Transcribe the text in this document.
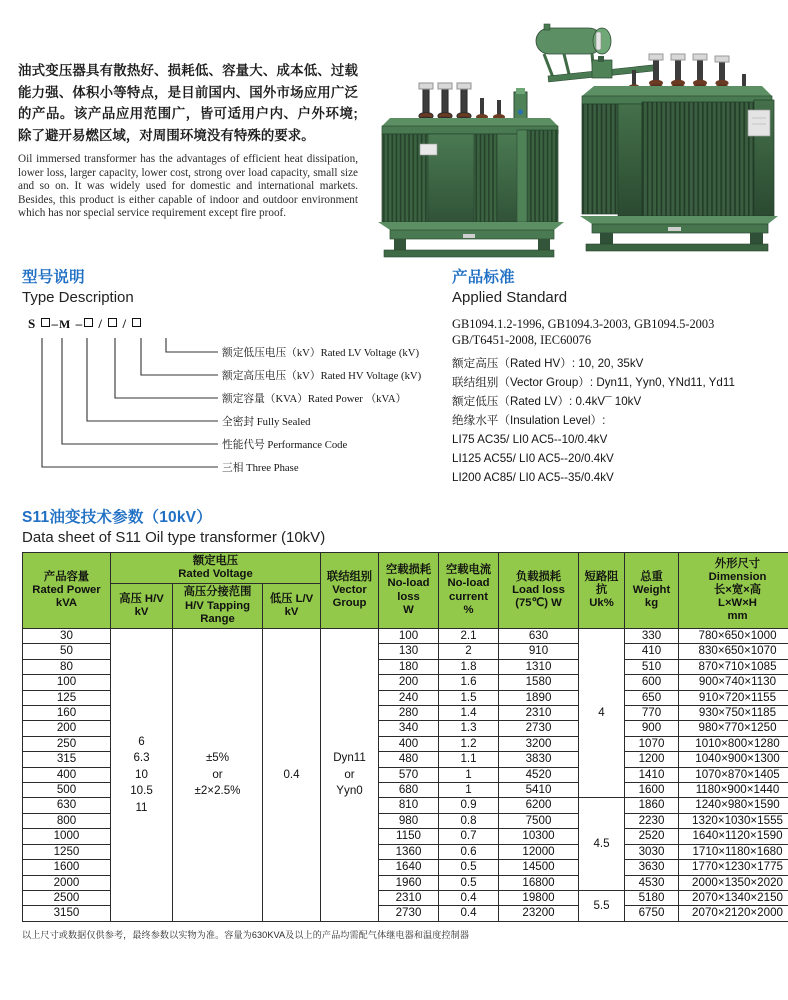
油式变压器具有散热好、损耗低、容量大、成本低、过载能力强、体积小等特点，是目前国内、国外市场应用广泛的产品。该产品应用范围广，皆可适用户内、户外环境;除了避开易燃区域，对周围环境没有特殊的要求。
Oil immersed transformer has the advantages of efficient heat dissipation, lower loss, larger capacity, lower cost, strong over load capacity, small size and so on. It was widely used for domestic and international markets. Besides, this product is either capable of indoor and outdoor environment which has nor special service requirement except fire proof.
型号说明
Type Description
S –M – /  /
额定低压电压（kV）Rated LV Voltage (kV)
额定高压电压（kV）Rated HV Voltage (kV)
额定容量（KVA）Rated Power （kVA）
全密封 Fully Sealed
性能代号 Performance Code
三相 Three Phase
产品标准
Applied Standard
GB1094.1.2-1996, GB1094.3-2003, GB1094.5-2003
GB/T6451-2008, IEC60076
额定高压（Rated HV）: 10, 20, 35kV
联结组别（Vector Group）: Dyn11, Yyn0, YNd11, Yd11
额定低压（Rated LV）: 0.4kV¯ 10kV
绝缘水平（Insulation Level）:
LI75 AC35/ LI0 AC5--10/0.4kV
LI125 AC55/ LI0 AC5--20/0.4kV
LI200 AC85/ LI0 AC5--35/0.4kV
S11油变技术参数（10kV）
Data sheet of S11 Oil type transformer (10kV)
产品容量
Rated Power
kVA	额定电压
Rated Voltage			联结组别
Vector
Group	空载损耗
No-load
loss
W	空载电流
No-load
current
%	负载损耗
Load loss
(75℃) W	短路阻抗
Uk%	总重
Weight
kg	外形尺寸
Dimension
长×宽×高
L×W×H
mm

	高压 H/V
kV	高压分接范围
H/V Tapping
Range	低压 L/V
kV							

30	6
6.3
10
10.5
11	±5%
or
±2×2.5%	0.4	Dyn11
or
Yyn0	100	2.1	630	4	330	780×650×1000
50					130	2	910		410	830×650×1070
80					180	1.8	1310		510	870×710×1085
100					200	1.6	1580		600	900×740×1130
125					240	1.5	1890		650	910×720×1155
160					280	1.4	2310		770	930×750×1185
200					340	1.3	2730		900	980×770×1250
250					400	1.2	3200		1070	1010×800×1280
315					480	1.1	3830		1200	1040×900×1300
400					570	1	4520		1410	1070×870×1405
500					680	1	5410		1600	1180×900×1440
630					810	0.9	6200	4.5	1860	1240×980×1590
800					980	0.8	7500		2230	1320×1030×1555
1000					1150	0.7	10300		2520	1640×1120×1590
1250					1360	0.6	12000		3030	1710×1180×1680
1600					1640	0.5	14500		3630	1770×1230×1775
2000					1960	0.5	16800		4530	2000×1350×2020
2500					2310	0.4	19800	5.5	5180	2070×1340×2150
3150					2730	0.4	23200		6750	2070×2120×2000
以上尺寸或数据仅供参考，最终参数以实物为准。容量为630KVA及以上的产品均需配气体继电器和温度控制器
